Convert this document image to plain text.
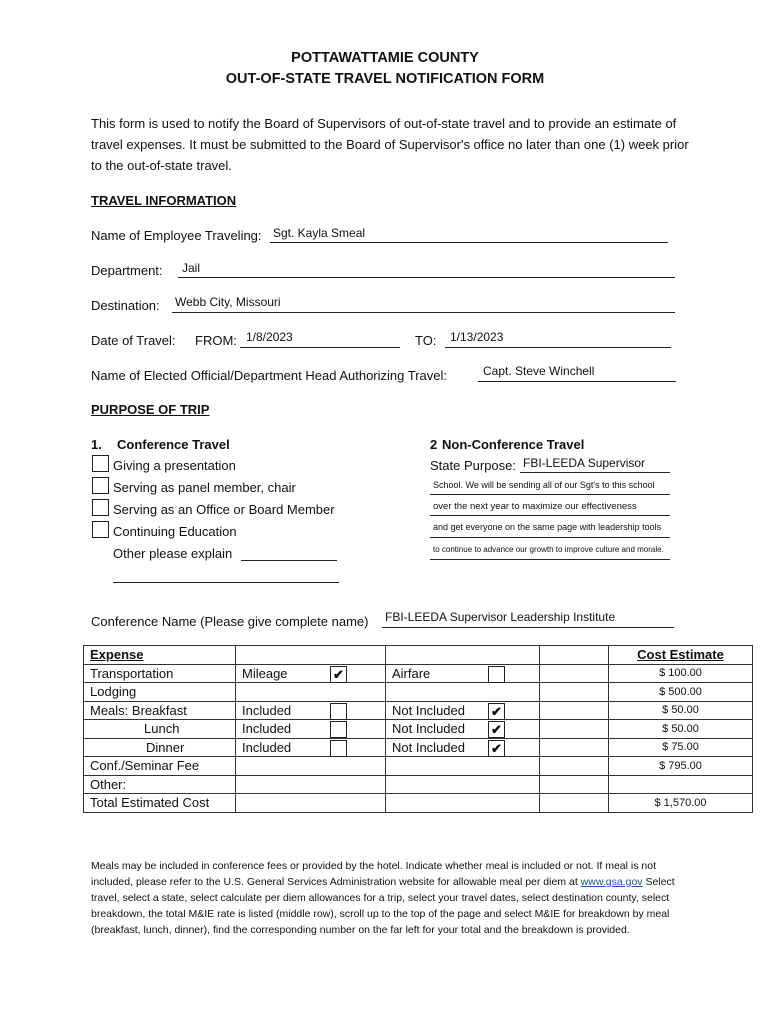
POTTAWATTAMIE COUNTY
OUT-OF-STATE TRAVEL NOTIFICATION FORM
This form is used to notify the Board of Supervisors of out-of-state travel and to provide an estimate of travel expenses. It must be submitted to the Board of Supervisor's office no later than one (1) week prior to the out-of-state travel.
TRAVEL INFORMATION
Name of Employee Traveling: Sgt. Kayla Smeal
Department: Jail
Destination: Webb City, Missouri
Date of Travel: FROM: 1/8/2023	TO: 1/13/2023
Name of Elected Official/Department Head Authorizing Travel:	Capt. Steve Winchell
PURPOSE OF TRIP
1. Conference Travel
Giving a presentation
Serving as panel member, chair
Serving as an Office or Board Member
Continuing Education
Other please explain
2 Non-Conference Travel
State Purpose: FBI-LEEDA Supervisor
School. We will be sending all of our Sgt's to this school
over the next year to maximize our effectiveness
and get everyone on the same page with leadership tools
to continue to advance our growth to improve culture and morale.
Conference Name (Please give complete name) FBI-LEEDA Supervisor Leadership Institute
Expense				Cost Estimate
Transportation	Mileage ✔	Airfare		$ 100.00
Lodging				$ 500.00
Meals: Breakfast	Included	Not Included ✔		$ 50.00
Lunch	Included	Not Included ✔		$ 50.00
Dinner	Included	Not Included ✔		$ 75.00
Conf./Seminar Fee				$ 795.00
Other:				
Total Estimated Cost				$ 1,570.00
Meals may be included in conference fees or provided by the hotel. Indicate whether meal is included or not. If meal is not included, please refer to the U.S. General Services Administration website for allowable meal per diem at www.gsa.gov Select travel, select a state, select calculate per diem allowances for a trip, select your travel dates, select destination county, select breakdown, the total M&IE rate is listed (middle row), scroll up to the top of the page and select M&IE for breakdown by meal (breakfast, lunch, dinner), find the corresponding number on the far left for your total and the breakdown is provided.
